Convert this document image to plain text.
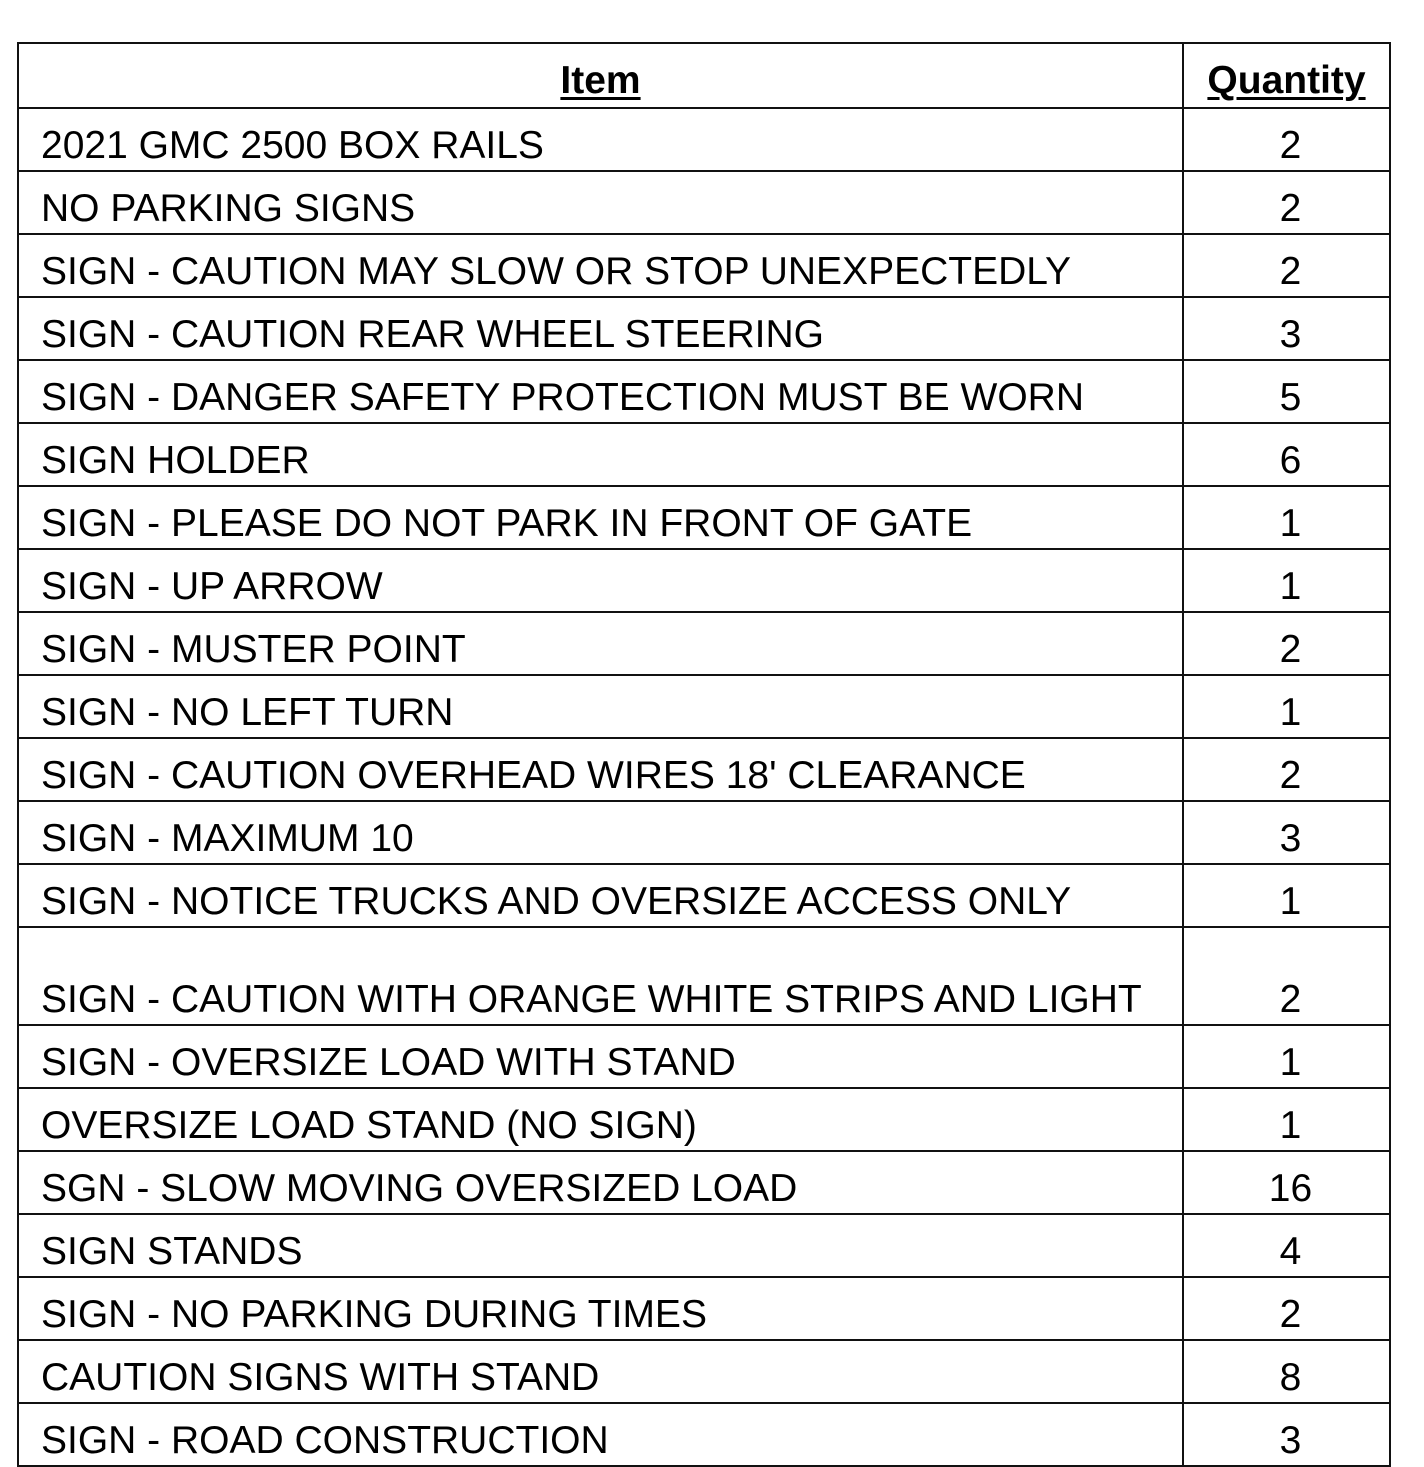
Item	Quantity
2021 GMC 2500 BOX RAILS	2
NO PARKING SIGNS	2
SIGN - CAUTION MAY SLOW OR STOP UNEXPECTEDLY	2
SIGN - CAUTION REAR WHEEL STEERING	3
SIGN - DANGER SAFETY PROTECTION MUST BE WORN	5
SIGN HOLDER	6
SIGN - PLEASE DO NOT PARK IN FRONT OF GATE	1
SIGN - UP ARROW	1
SIGN - MUSTER POINT	2
SIGN - NO LEFT TURN	1
SIGN - CAUTION OVERHEAD WIRES 18' CLEARANCE	2
SIGN - MAXIMUM 10	3
SIGN - NOTICE TRUCKS AND OVERSIZE ACCESS ONLY	1
SIGN - CAUTION WITH ORANGE WHITE STRIPS AND LIGHT	2
SIGN - OVERSIZE LOAD WITH STAND	1
OVERSIZE LOAD STAND (NO SIGN)	1
SGN - SLOW MOVING OVERSIZED LOAD	16
SIGN STANDS	4
SIGN - NO PARKING DURING TIMES	2
CAUTION SIGNS WITH STAND	8
SIGN - ROAD CONSTRUCTION	3
